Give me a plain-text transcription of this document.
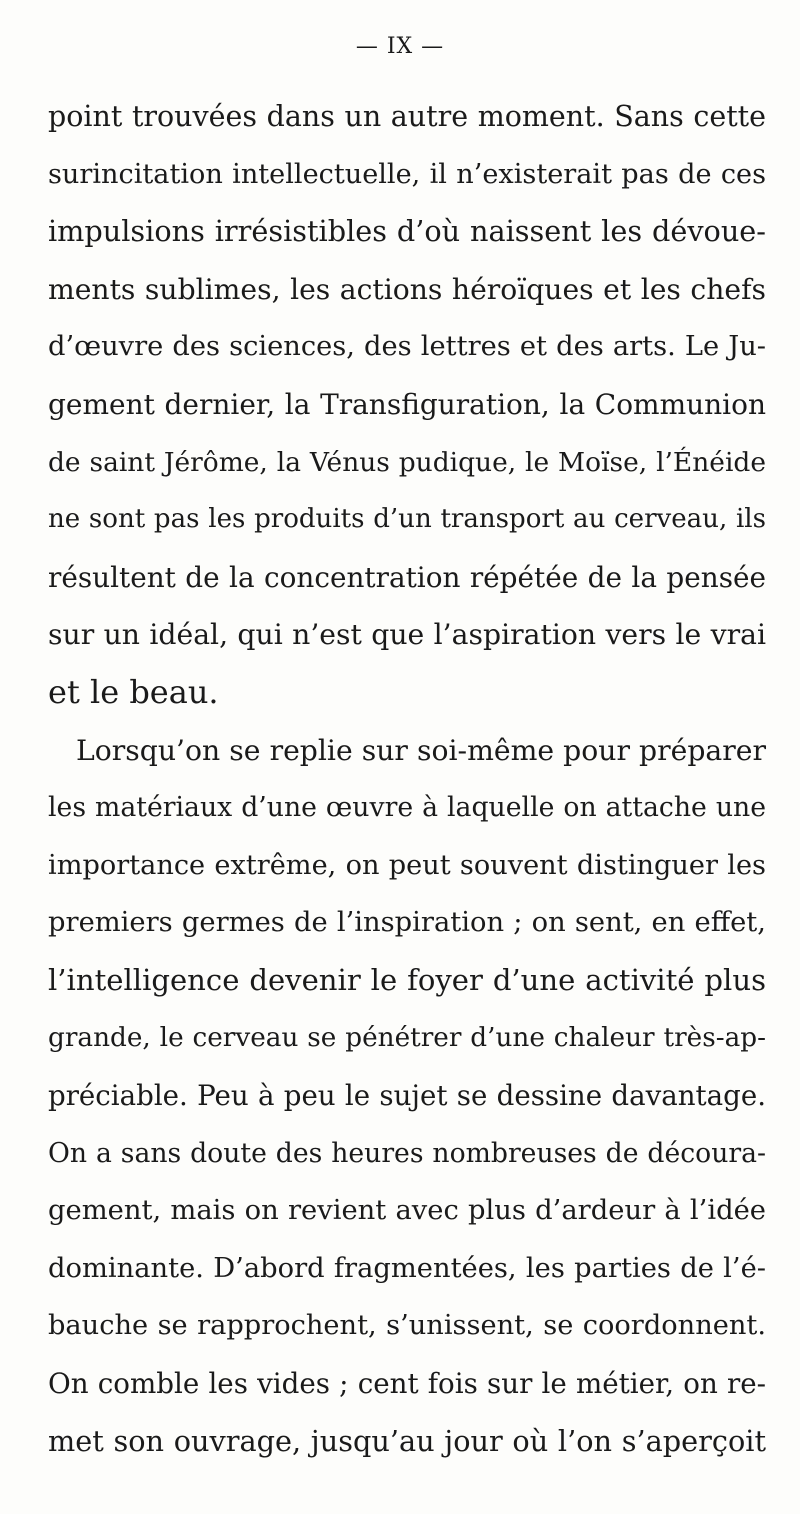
— IX —
point trouvées dans un autre moment. Sans cette
surincitation intellectuelle, il n’existerait pas de ces
impulsions irrésistibles d’où naissent les dévoue-
ments sublimes, les actions héroïques et les chefs
d’œuvre des sciences, des lettres et des arts. Le Ju-
gement dernier, la Transfiguration, la Communion
de saint Jérôme, la Vénus pudique, le Moïse, l’Énéide
ne sont pas les produits d’un transport au cerveau, ils
résultent de la concentration répétée de la pensée
sur un idéal, qui n’est que l’aspiration vers le vrai
et le beau.
Lorsqu’on se replie sur soi-même pour préparer
les matériaux d’une œuvre à laquelle on attache une
importance extrême, on peut souvent distinguer les
premiers germes de l’inspiration ; on sent, en effet,
l’intelligence devenir le foyer d’une activité plus
grande, le cerveau se pénétrer d’une chaleur très-ap-
préciable. Peu à peu le sujet se dessine davantage.
On a sans doute des heures nombreuses de découra-
gement, mais on revient avec plus d’ardeur à l’idée
dominante. D’abord fragmentées, les parties de l’é-
bauche se rapprochent, s’unissent, se coordonnent.
On comble les vides ; cent fois sur le métier, on re-
met son ouvrage, jusqu’au jour où l’on s’aperçoit
